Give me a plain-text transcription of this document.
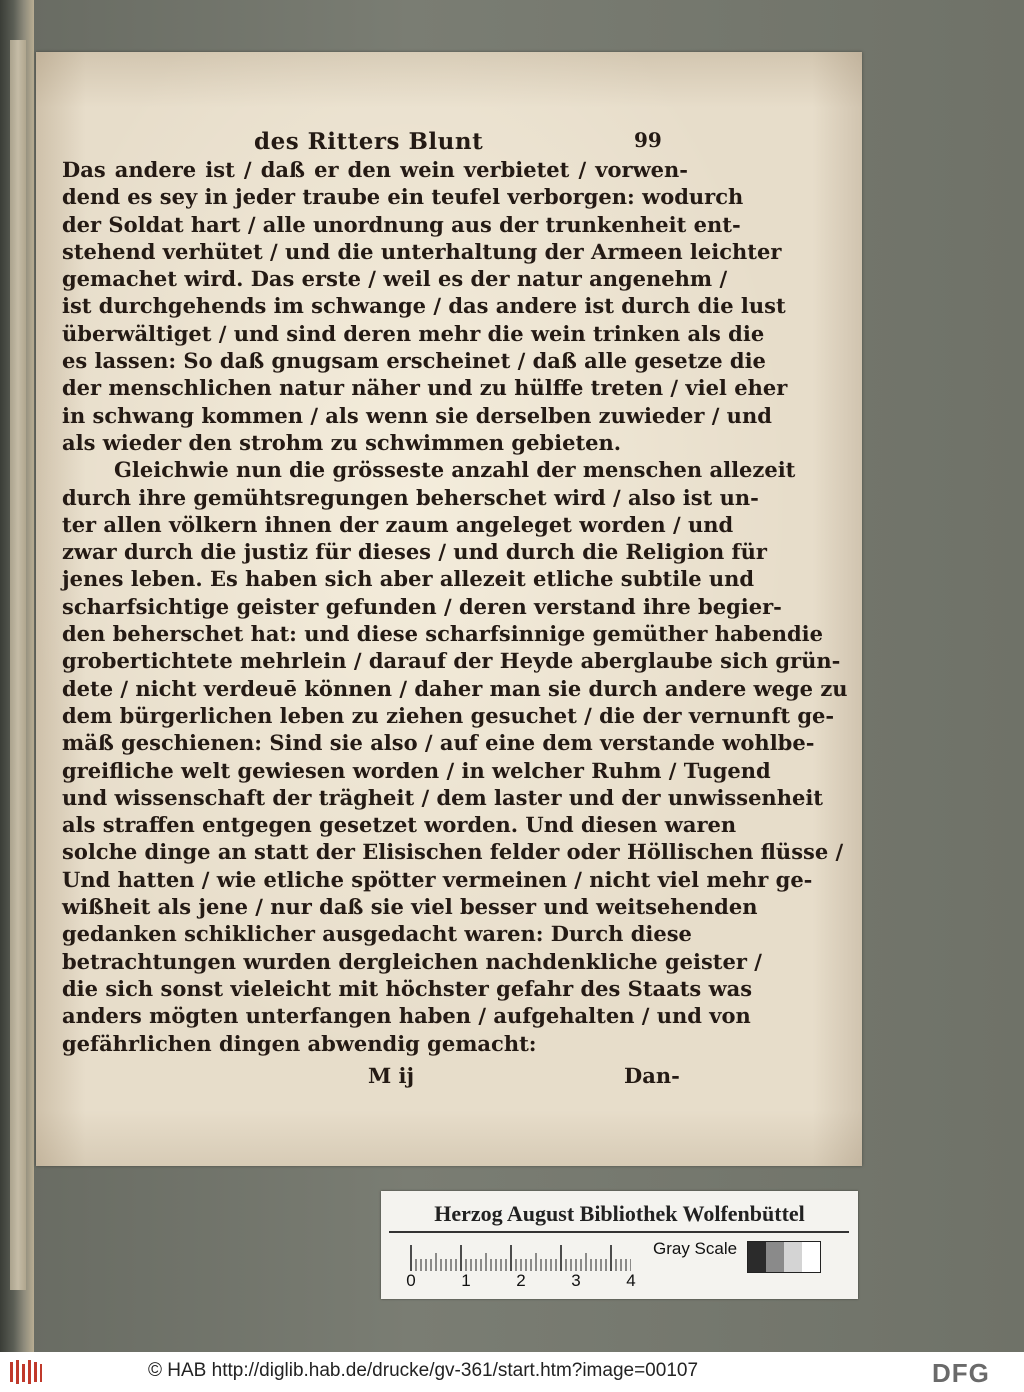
des Ritters Blunt	99
Das andere ist / daß er den wein verbietet / vorwen-
dend es sey in jeder traube ein teufel verborgen: wodurch
der Soldat hart / alle unordnung aus der trunkenheit ent-
stehend verhütet / und die unterhaltung der Armeen leichter
gemachet wird. Das erste / weil es der natur angenehm /
ist durchgehends im schwange / das andere ist durch die lust
überwältiget / und sind deren mehr die wein trinken als die
es lassen: So daß gnugsam erscheinet / daß alle gesetze die
der menschlichen natur näher und zu hülffe treten / viel eher
in schwang kommen / als wenn sie derselben zuwieder / und
als wieder den strohm zu schwimmen gebieten.
Gleichwie nun die grösseste anzahl der menschen allezeit
durch ihre gemühtsregungen beherschet wird / also ist un-
ter allen völkern ihnen der zaum angeleget worden / und
zwar durch die justiz für dieses / und durch die Religion für
jenes leben. Es haben sich aber allezeit etliche subtile und
scharfsichtige geister gefunden / deren verstand ihre begier-
den beherschet hat: und diese scharfsinnige gemüther habendie
grobertichtete mehrlein / darauf der Heyde aberglaube sich grün-
dete / nicht verdeuē können / daher man sie durch andere wege zu
dem bürgerlichen leben zu ziehen gesuchet / die der vernunft ge-
mäß geschienen: Sind sie also / auf eine dem verstande wohlbe-
greifliche welt gewiesen worden / in welcher Ruhm / Tugend
und wissenschaft der trägheit / dem laster und der unwissenheit
als straffen entgegen gesetzet worden. Und diesen waren
solche dinge an statt der Elisischen felder oder Höllischen flüsse /
Und hatten / wie etliche spötter vermeinen / nicht viel mehr ge-
wißheit als jene / nur daß sie viel besser und weitsehenden
gedanken schiklicher ausgedacht waren: Durch diese
betrachtungen wurden dergleichen nachdenkliche geister /
die sich sonst vieleicht mit höchster gefahr des Staats was
anders mögten unterfangen haben / aufgehalten / und von
gefährlichen dingen abwendig gemacht:
M ij	Dan-
Herzog August Bibliothek Wolfenbüttel
0	1	2	3	4
Gray Scale
© HAB http://diglib.hab.de/drucke/gv-361/start.htm?image=00107	DFG
